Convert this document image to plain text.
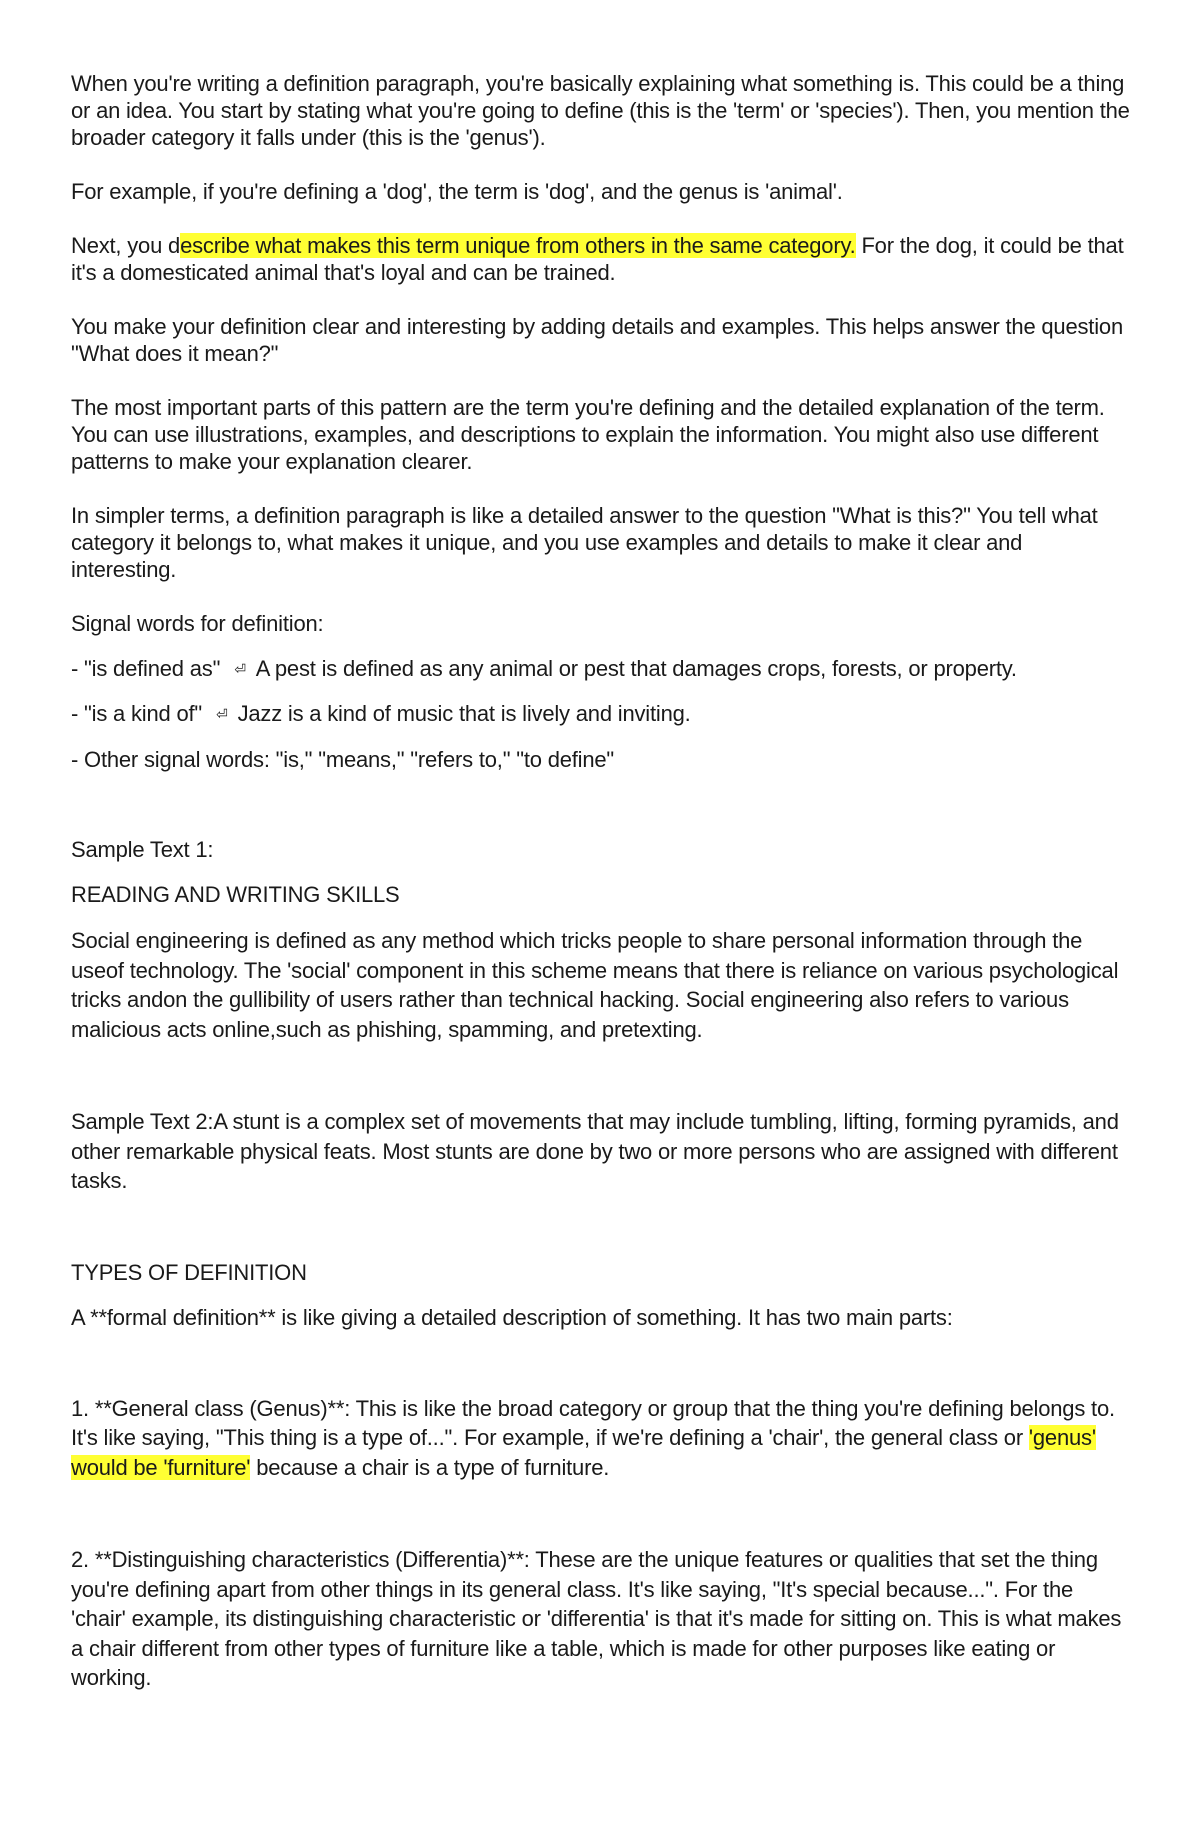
When you're writing a definition paragraph, you're basically explaining what something is. This could be a thing or an idea. You start by stating what you're going to define (this is the 'term' or 'species'). Then, you mention the broader category it falls under (this is the 'genus').

For example, if you're defining a 'dog', the term is 'dog', and the genus is 'animal'.

Next, you describe what makes this term unique from others in the same category. For the dog, it could be that it's a domesticated animal that's loyal and can be trained.

You make your definition clear and interesting by adding details and examples. This helps answer the question "What does it mean?"

The most important parts of this pattern are the term you're defining and the detailed explanation of the term. You can use illustrations, examples, and descriptions to explain the information. You might also use different patterns to make your explanation clearer.

In simpler terms, a definition paragraph is like a detailed answer to the question "What is this?" You tell what category it belongs to, what makes it unique, and you use examples and details to make it clear and interesting.

Signal words for definition:

- "is defined as" ⏎ A pest is defined as any animal or pest that damages crops, forests, or property.

- "is a kind of" ⏎ Jazz is a kind of music that is lively and inviting.

- Other signal words: "is," "means," "refers to," "to define"

Sample Text 1:

READING AND WRITING SKILLS

Social engineering is defined as any method which tricks people to share personal information through the useof technology. The 'social' component in this scheme means that there is reliance on various psychological tricks andon the gullibility of users rather than technical hacking. Social engineering also refers to various malicious acts online,such as phishing, spamming, and pretexting.

Sample Text 2:A stunt is a complex set of movements that may include tumbling, lifting, forming pyramids, and other remarkable physical feats. Most stunts are done by two or more persons who are assigned with different tasks.

TYPES OF DEFINITION

A **formal definition** is like giving a detailed description of something. It has two main parts:

1. **General class (Genus)**: This is like the broad category or group that the thing you're defining belongs to. It's like saying, "This thing is a type of...". For example, if we're defining a 'chair', the general class or 'genus' would be 'furniture' because a chair is a type of furniture.

2. **Distinguishing characteristics (Differentia)**: These are the unique features or qualities that set the thing you're defining apart from other things in its general class. It's like saying, "It's special because...". For the 'chair' example, its distinguishing characteristic or 'differentia' is that it's made for sitting on. This is what makes a chair different from other types of furniture like a table, which is made for other purposes like eating or working.
